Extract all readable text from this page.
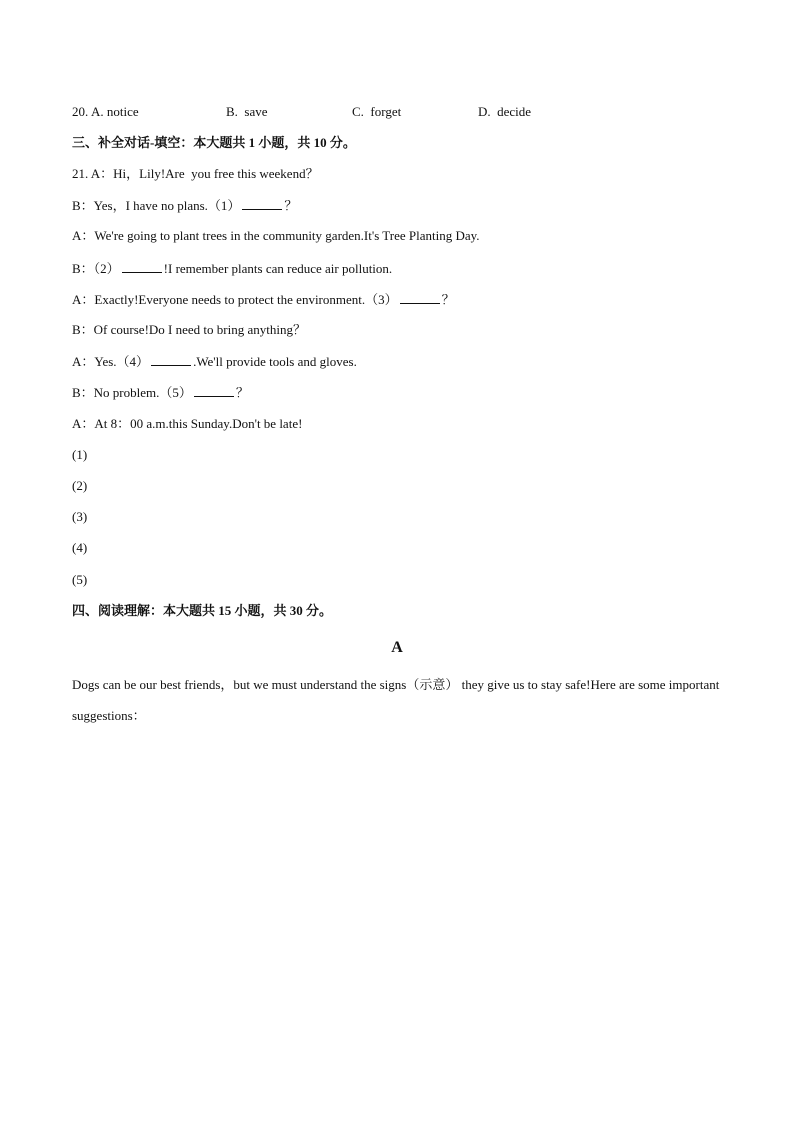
20. A. notice	B.  save	C.  forget	D.  decide
三、补全对话-填空：本大题共 1 小题，共 10 分。
21. A：Hi，Lily!Are  you free this weekend？
B：Yes，I have no plans.（1）	？
A：We're going to plant trees in the community garden.It's Tree Planting Day.
B：（2）	!I remember plants can reduce air pollution.
A：Exactly!Everyone needs to protect the environment.（3）	？
B：Of course!Do I need to bring anything？
A：Yes.（4）	.We'll provide tools and gloves.
B：No problem.（5）	？
A：At 8：00 a.m.this Sunday.Don't be late!
(1)
(2)
(3)
(4)
(5)
四、阅读理解：本大题共 15 小题，共 30 分。
A
Dogs can be our best friends，but we must understand the signs（示意） they give us to stay safe!Here are some important suggestions：
